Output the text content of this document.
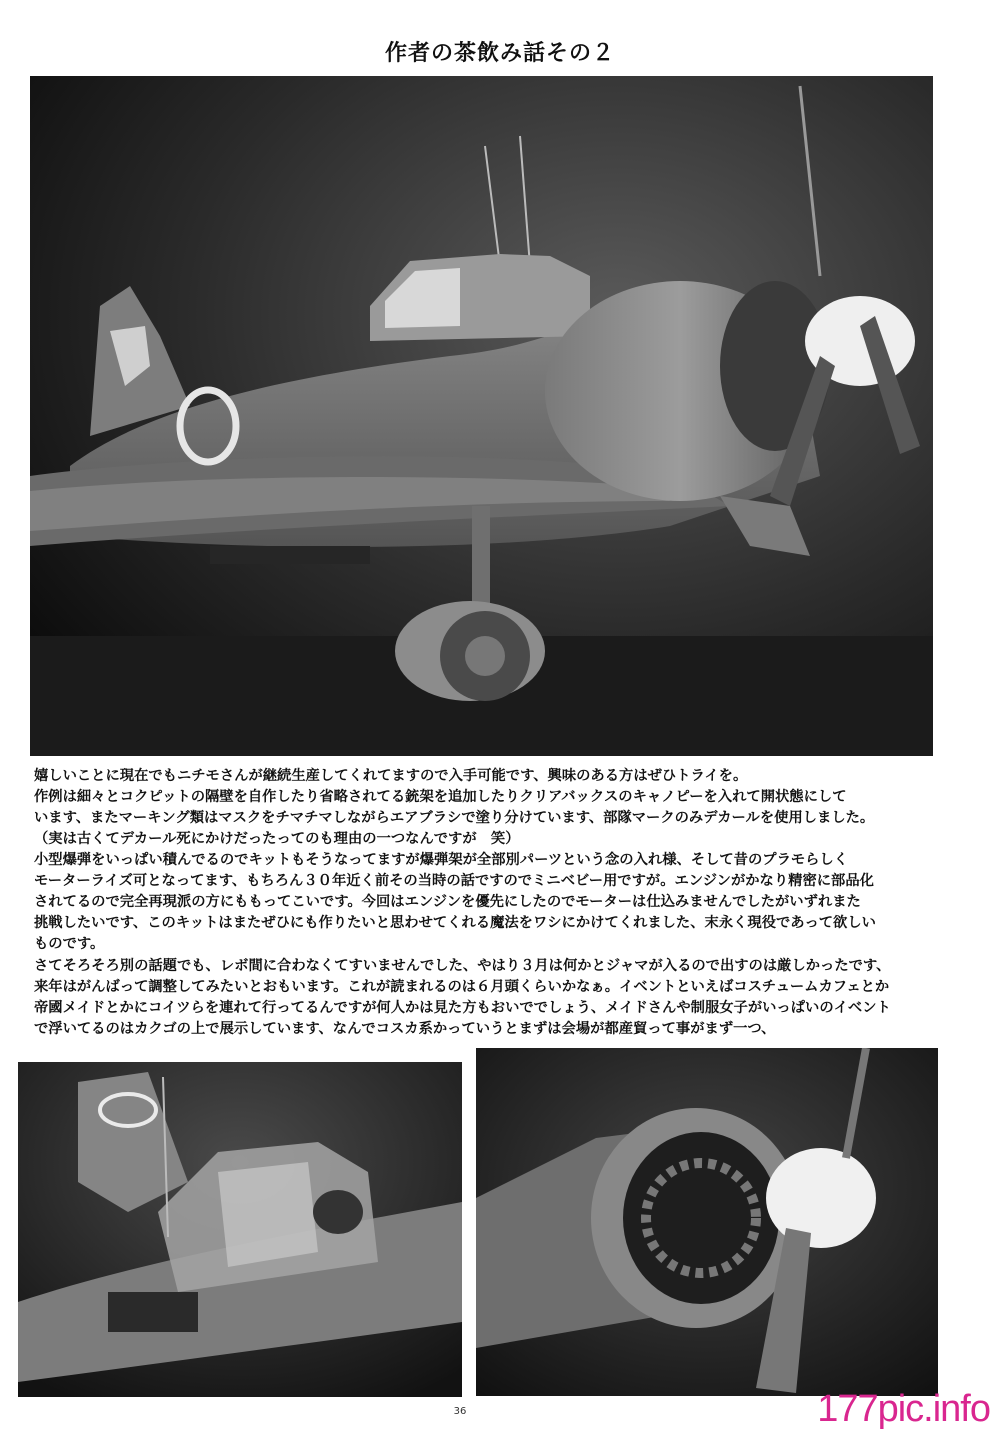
作者の茶飲み話その２
嬉しいことに現在でもニチモさんが継続生産してくれてますので入手可能です、興味のある方はぜひトライを。
作例は細々とコクピットの隔壁を自作したり省略されてる銃架を追加したりクリアバックスのキャノピーを入れて開状態にして
います、またマーキング類はマスクをチマチマしながらエアブラシで塗り分けています、部隊マークのみデカールを使用しました。
（実は古くてデカール死にかけだったってのも理由の一つなんですが　笑）
小型爆弾をいっぱい積んでるのでキットもそうなってますが爆弾架が全部別パーツという念の入れ様、そして昔のプラモらしく
モーターライズ可となってます、もちろん３０年近く前その当時の話ですのでミニベビー用ですが。エンジンがかなり精密に部品化
されてるので完全再現派の方にももってこいです。今回はエンジンを優先にしたのでモーターは仕込みませんでしたがいずれまた
挑戦したいです、このキットはまたぜひにも作りたいと思わせてくれる魔法をワシにかけてくれました、末永く現役であって欲しい
ものです。
さてそろそろ別の話題でも、レボ間に合わなくてすいませんでした、やはり３月は何かとジャマが入るので出すのは厳しかったです、
来年はがんばって調整してみたいとおもいます。これが読まれるのは６月頭くらいかなぁ。イベントといえばコスチュームカフェとか
帝國メイドとかにコイツらを連れて行ってるんですが何人かは見た方もおいででしょう、メイドさんや制服女子がいっぱいのイベント
で浮いてるのはカクゴの上で展示しています、なんでコスカ系かっていうとまずは会場が都産貿って事がまず一つ、
36	177pic.info
